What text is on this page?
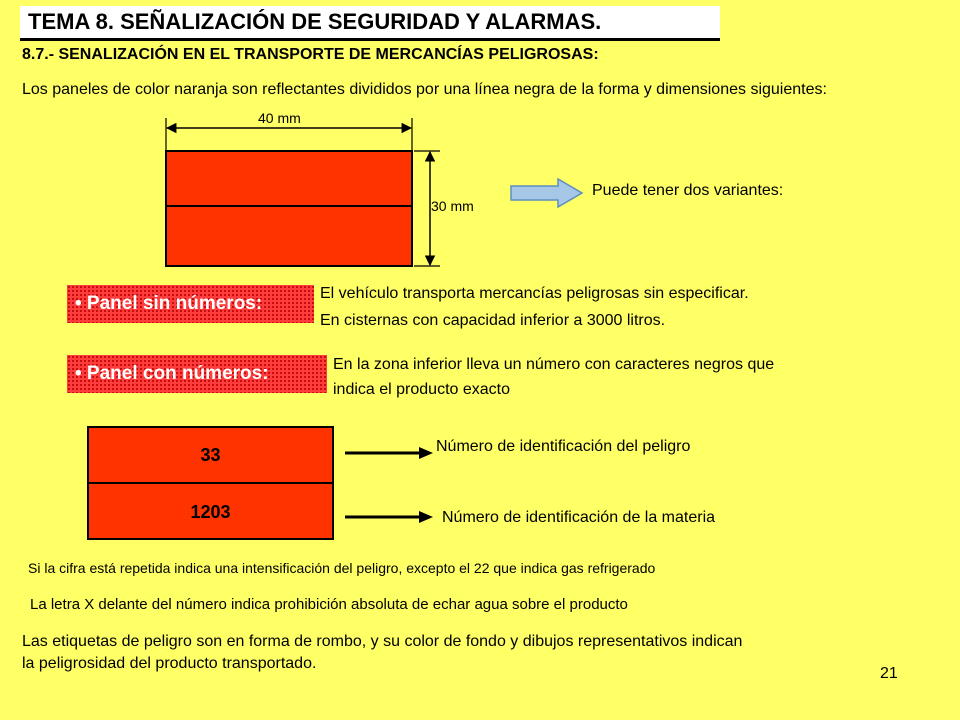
TEMA 8. SEÑALIZACIÓN DE SEGURIDAD Y ALARMAS.
8.7.- SENALIZACIÓN EN EL TRANSPORTE DE MERCANCÍAS PELIGROSAS:
Los paneles de color naranja son reflectantes divididos por una línea negra de la forma y dimensiones siguientes:
40 mm
30 mm
Puede tener dos variantes:
• Panel sin números:	El vehículo transporta mercancías peligrosas sin especificar.
En cisternas con capacidad inferior a 3000 litros.
• Panel con números:	En la zona inferior lleva un número con caracteres negros que
indica el producto exacto
33
1203
Número de identificación del peligro
Número de identificación de la materia
Si la cifra está repetida indica una intensificación del peligro, excepto el 22 que indica gas refrigerado
La letra X delante del número indica prohibición absoluta de echar agua sobre el producto
Las etiquetas de peligro son en forma de rombo, y su color de fondo y dibujos representativos indican
la peligrosidad del producto transportado.
21
